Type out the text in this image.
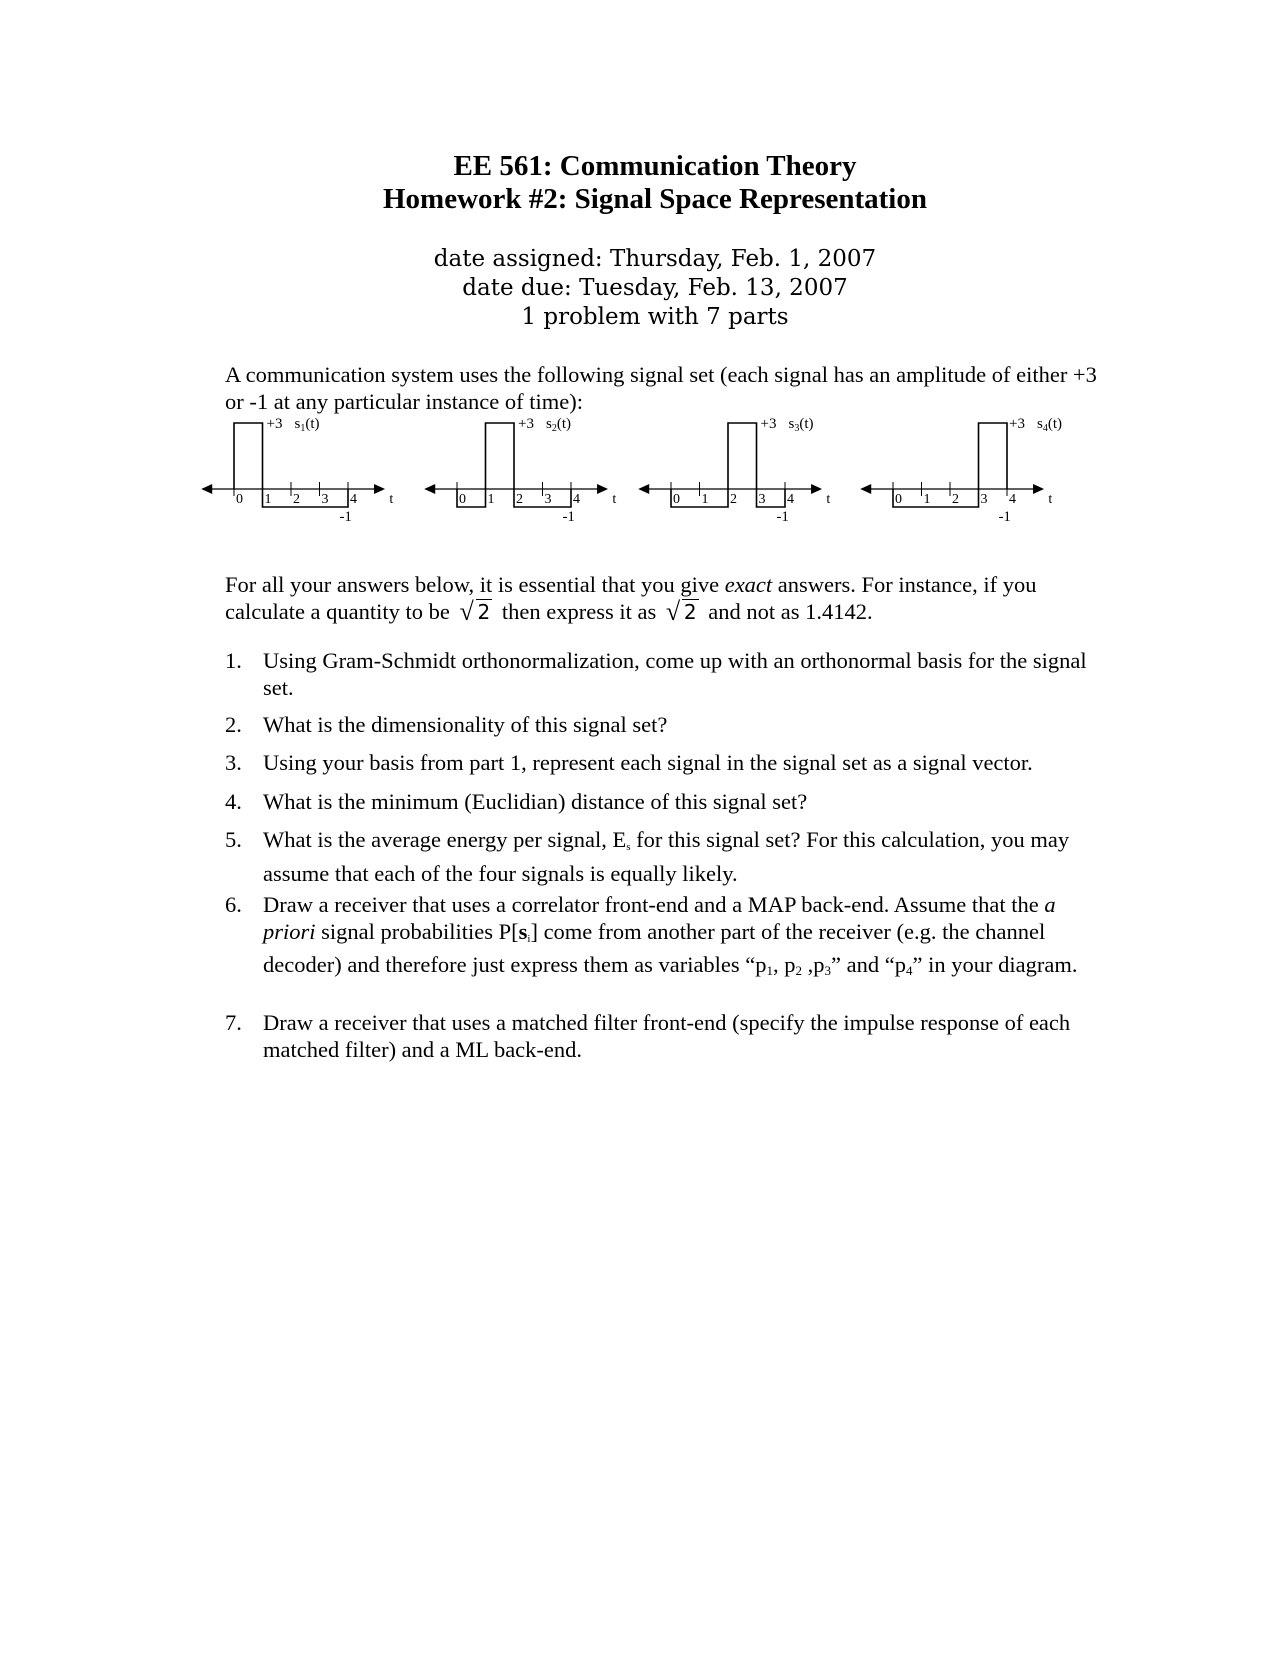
EE 561: Communication Theory
Homework #2: Signal Space Representation
date assigned: Thursday, Feb. 1, 2007
date due: Tuesday, Feb. 13, 2007
1 problem with 7 parts
A communication system uses the following signal set (each signal has an amplitude of either +3 or -1 at any particular instance of time):
0 1 2 3 4 t
+3 $s_1(t)$
-1
0 1 2 3 4 t
+3 $s_2(t)$
-1
0 1 2 3 4 t
+3 $s_3(t)$
-1
0 1 2 3 4 t
+3 $s_4(t)$
-1
For all your answers below, it is essential that you give exact answers. For instance, if you calculate a quantity to be √ 2 then express it as √ 2 and not as 1.4142.
1. Using Gram-Schmidt orthonormalization, come up with an orthonormal basis for the signal set.
2. What is the dimensionality of this signal set?
3. Using your basis from part 1, represent each signal in the signal set as a signal vector.
4. What is the minimum (Euclidian) distance of this signal set?
5. What is the average energy per signal, Es for this signal set? For this calculation, you may assume that each of the four signals is equally likely.
6. Draw a receiver that uses a correlator front-end and a MAP back-end. Assume that the a priori signal probabilities P[si] come from another part of the receiver (e.g. the channel decoder) and therefore just express them as variables “$p_1$, $p_2$ $,p_3$” and “$p_4$” in your diagram.
7. Draw a receiver that uses a matched filter front-end (specify the impulse response of each matched filter) and a ML back-end.
